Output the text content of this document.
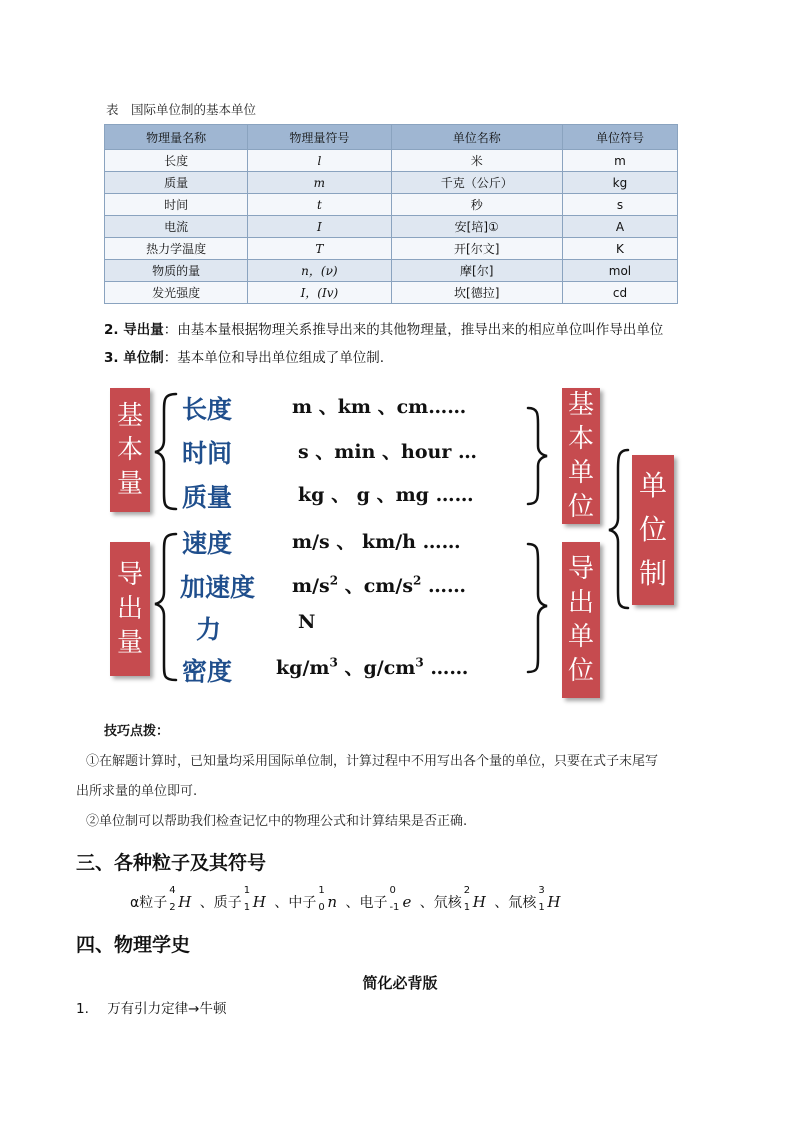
表　国际单位制的基本单位
物理量名称	物理量符号	单位名称	单位符号
长度	l	米	m
质量	m	千克（公斤）	kg
时间	t	秒	s
电流	I	安[培]①	A
热力学温度	T	开[尔文]	K
物质的量	n，(ν)	摩[尔]	mol
发光强度	I，(Iv)	坎[德拉]	cd
2. 导出量：由基本量根据物理关系推导出来的其他物理量，推导出来的相应单位叫作导出单位
3. 单位制：基本单位和导出单位组成了单位制.
基
本
量
导
出
量
基
本
单
位
导
出
单
位
单
位
制
长度
时间
质量
速度
加速度
力
密度
m 、km 、cm……
s 、min 、hour …
kg 、 g 、mg ……
m/s 、 km/h ……
$m/s^2$ 、$cm/s^2$ ……
N
$kg/m^3$ 、$g/cm^3$ ……
技巧点拨：
①在解题计算时，已知量均采用国际单位制，计算过程中不用写出各个量的单位，只要在式子末尾写
出所求量的单位即可.
②单位制可以帮助我们检查记忆中的物理公式和计算结果是否正确.
三、各种粒子及其符号
α粒子
4
2 H 、质子
1
1 H 、中子
1
0 n 、电子
0
-1 e 、氘核
2
1 H 、氚核
3
1 H
四、物理学史
简化必背版
1. 万有引力定律→牛顿
